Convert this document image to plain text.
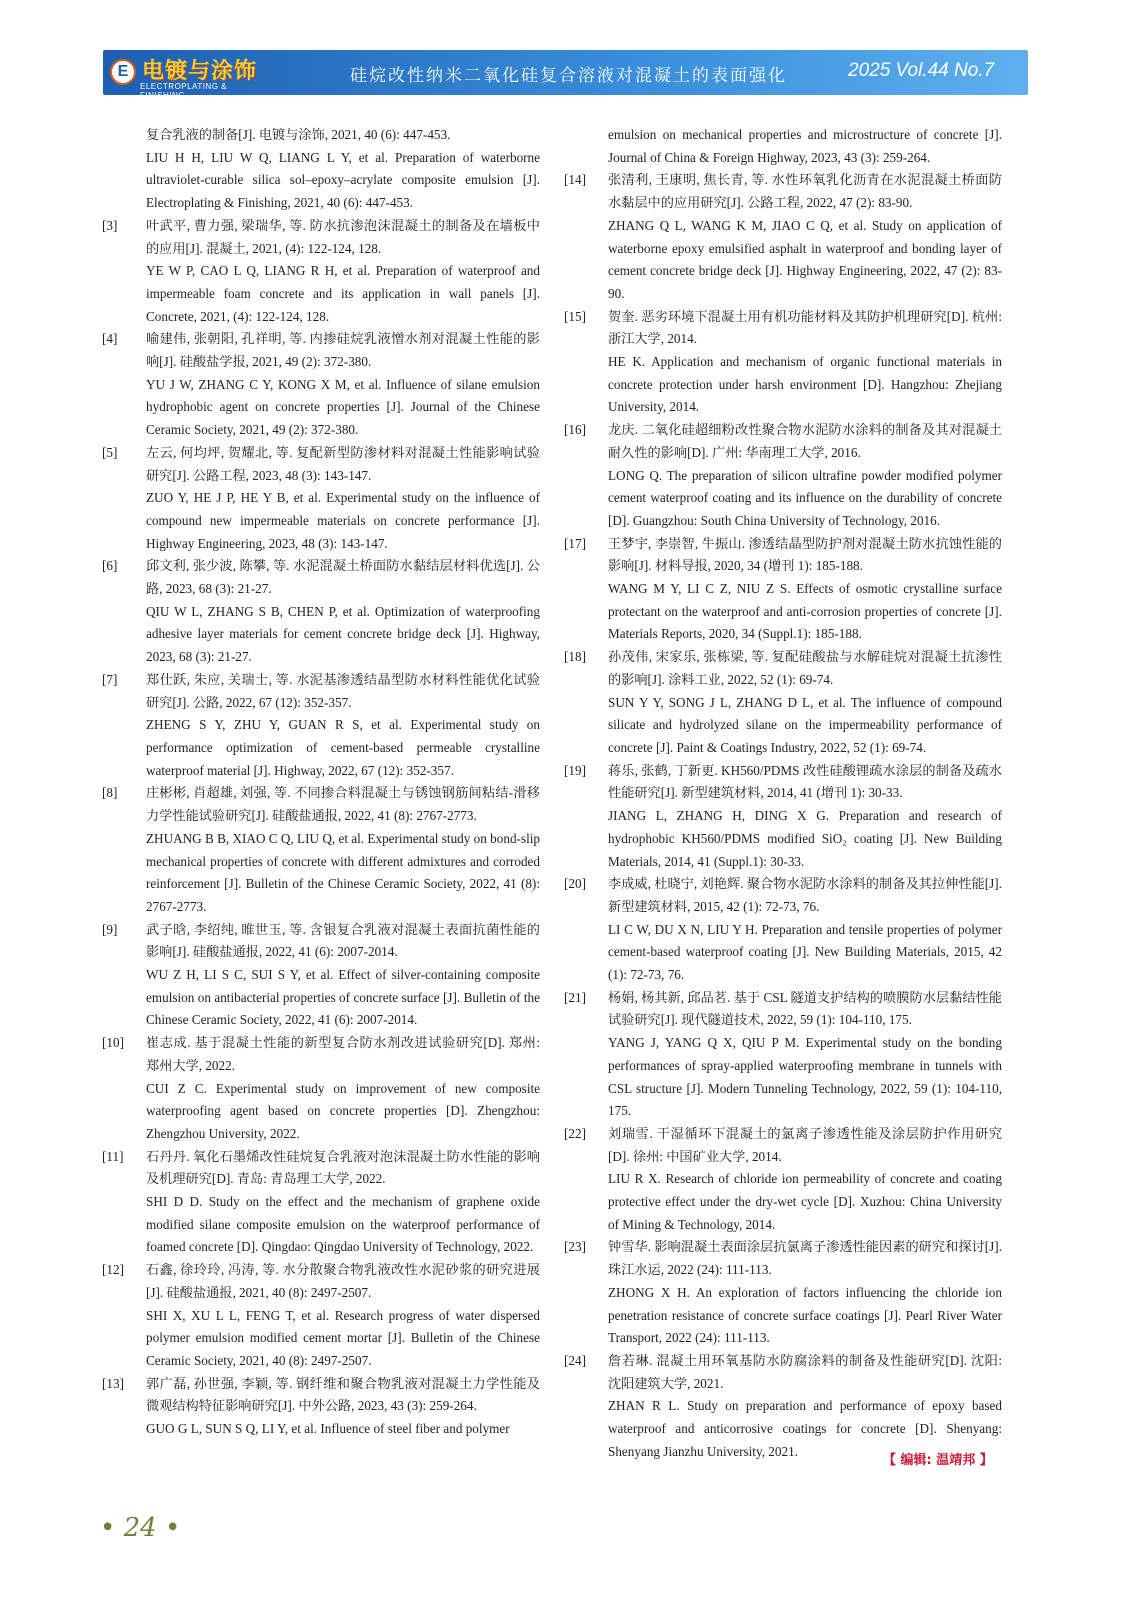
E 电镀与涂饰
ELECTROPLATING & FINISHING
硅烷改性纳米二氧化硅复合溶液对混凝土的表面强化	2025 Vol.44 No.7
复合乳液的制备[J]. 电镀与涂饰, 2021, 40 (6): 447-453.
LIU H H, LIU W Q, LIANG L Y, et al. Preparation of waterborne ultraviolet-curable silica sol–epoxy–acrylate composite emulsion [J]. Electroplating & Finishing, 2021, 40 (6): 447-453.
[3]	叶武平, 曹力强, 梁瑞华, 等. 防水抗渗泡沫混凝土的制备及在墙板中的应用[J]. 混凝土, 2021, (4): 122-124, 128.
YE W P, CAO L Q, LIANG R H, et al. Preparation of waterproof and impermeable foam concrete and its application in wall panels [J]. Concrete, 2021, (4): 122-124, 128.
[4]	喻建伟, 张朝阳, 孔祥明, 等. 内掺硅烷乳液憎水剂对混凝土性能的影响[J]. 硅酸盐学报, 2021, 49 (2): 372-380.
YU J W, ZHANG C Y, KONG X M, et al. Influence of silane emulsion hydrophobic agent on concrete properties [J]. Journal of the Chinese Ceramic Society, 2021, 49 (2): 372-380.
[5]	左云, 何均坪, 贺耀北, 等. 复配新型防渗材料对混凝土性能影响试验研究[J]. 公路工程, 2023, 48 (3): 143-147.
ZUO Y, HE J P, HE Y B, et al. Experimental study on the influence of compound new impermeable materials on concrete performance [J]. Highway Engineering, 2023, 48 (3): 143-147.
[6]	邱文利, 张少波, 陈攀, 等. 水泥混凝土桥面防水黏结层材料优选[J]. 公路, 2023, 68 (3): 21-27.
QIU W L, ZHANG S B, CHEN P, et al. Optimization of waterproofing adhesive layer materials for cement concrete bridge deck [J]. Highway, 2023, 68 (3): 21-27.
[7]	郑仕跃, 朱应, 关瑞士, 等. 水泥基渗透结晶型防水材料性能优化试验研究[J]. 公路, 2022, 67 (12): 352-357.
ZHENG S Y, ZHU Y, GUAN R S, et al. Experimental study on performance optimization of cement-based permeable crystalline waterproof material [J]. Highway, 2022, 67 (12): 352-357.
[8]	庄彬彬, 肖超雄, 刘强, 等. 不同掺合料混凝土与锈蚀钢筋间粘结-滑移力学性能试验研究[J]. 硅酸盐通报, 2022, 41 (8): 2767-2773.
ZHUANG B B, XIAO C Q, LIU Q, et al. Experimental study on bond-slip mechanical properties of concrete with different admixtures and corroded reinforcement [J]. Bulletin of the Chinese Ceramic Society, 2022, 41 (8): 2767-2773.
[9]	武子晗, 李绍纯, 睢世玉, 等. 含银复合乳液对混凝土表面抗菌性能的影响[J]. 硅酸盐通报, 2022, 41 (6): 2007-2014.
WU Z H, LI S C, SUI S Y, et al. Effect of silver-containing composite emulsion on antibacterial properties of concrete surface [J]. Bulletin of the Chinese Ceramic Society, 2022, 41 (6): 2007-2014.
[10]	崔志成. 基于混凝土性能的新型复合防水剂改进试验研究[D]. 郑州: 郑州大学, 2022.
CUI Z C. Experimental study on improvement of new composite waterproofing agent based on concrete properties [D]. Zhengzhou: Zhengzhou University, 2022.
[11]	石丹丹. 氧化石墨烯改性硅烷复合乳液对泡沫混凝土防水性能的影响及机理研究[D]. 青岛: 青岛理工大学, 2022.
SHI D D. Study on the effect and the mechanism of graphene oxide modified silane composite emulsion on the waterproof performance of foamed concrete [D]. Qingdao: Qingdao University of Technology, 2022.
[12]	石鑫, 徐玲玲, 冯涛, 等. 水分散聚合物乳液改性水泥砂浆的研究进展[J]. 硅酸盐通报, 2021, 40 (8): 2497-2507.
SHI X, XU L L, FENG T, et al. Research progress of water dispersed polymer emulsion modified cement mortar [J]. Bulletin of the Chinese Ceramic Society, 2021, 40 (8): 2497-2507.
[13]	郭广磊, 孙世强, 李颖, 等. 钢纤维和聚合物乳液对混凝土力学性能及微观结构特征影响研究[J]. 中外公路, 2023, 43 (3): 259-264.
GUO G L, SUN S Q, LI Y, et al. Influence of steel fiber and polymer
emulsion on mechanical properties and microstructure of concrete [J]. Journal of China & Foreign Highway, 2023, 43 (3): 259-264.
[14]	张清利, 王康明, 焦长青, 等. 水性环氧乳化沥青在水泥混凝土桥面防水黏层中的应用研究[J]. 公路工程, 2022, 47 (2): 83-90.
ZHANG Q L, WANG K M, JIAO C Q, et al. Study on application of waterborne epoxy emulsified asphalt in waterproof and bonding layer of cement concrete bridge deck [J]. Highway Engineering, 2022, 47 (2): 83-90.
[15]	贺奎. 恶劣环境下混凝土用有机功能材料及其防护机理研究[D]. 杭州: 浙江大学, 2014.
HE K. Application and mechanism of organic functional materials in concrete protection under harsh environment [D]. Hangzhou: Zhejiang University, 2014.
[16]	龙庆. 二氧化硅超细粉改性聚合物水泥防水涂料的制备及其对混凝土耐久性的影响[D]. 广州: 华南理工大学, 2016.
LONG Q. The preparation of silicon ultrafine powder modified polymer cement waterproof coating and its influence on the durability of concrete [D]. Guangzhou: South China University of Technology, 2016.
[17]	王梦宇, 李崇智, 牛振山. 渗透结晶型防护剂对混凝土防水抗蚀性能的影响[J]. 材料导报, 2020, 34 (增刊 1): 185-188.
WANG M Y, LI C Z, NIU Z S. Effects of osmotic crystalline surface protectant on the waterproof and anti-corrosion properties of concrete [J]. Materials Reports, 2020, 34 (Suppl.1): 185-188.
[18]	孙茂伟, 宋家乐, 张栋梁, 等. 复配硅酸盐与水解硅烷对混凝土抗渗性的影响[J]. 涂料工业, 2022, 52 (1): 69-74.
SUN Y Y, SONG J L, ZHANG D L, et al. The influence of compound silicate and hydrolyzed silane on the impermeability performance of concrete [J]. Paint & Coatings Industry, 2022, 52 (1): 69-74.
[19]	蒋乐, 张鹤, 丁新更. KH560/PDMS 改性硅酸锂疏水涂层的制备及疏水性能研究[J]. 新型建筑材料, 2014, 41 (增刊 1): 30-33.
JIANG L, ZHANG H, DING X G. Preparation and research of hydrophobic KH560/PDMS modified SiO₂ coating [J]. New Building Materials, 2014, 41 (Suppl.1): 30-33.
[20]	李成威, 杜晓宁, 刘艳辉. 聚合物水泥防水涂料的制备及其拉伸性能[J]. 新型建筑材料, 2015, 42 (1): 72-73, 76.
LI C W, DU X N, LIU Y H. Preparation and tensile properties of polymer cement-based waterproof coating [J]. New Building Materials, 2015, 42 (1): 72-73, 76.
[21]	杨娟, 杨其新, 邱品茗. 基于 CSL 隧道支护结构的喷膜防水层黏结性能试验研究[J]. 现代隧道技术, 2022, 59 (1): 104-110, 175.
YANG J, YANG Q X, QIU P M. Experimental study on the bonding performances of spray-applied waterproofing membrane in tunnels with CSL structure [J]. Modern Tunneling Technology, 2022, 59 (1): 104-110, 175.
[22]	刘瑞雪. 干湿循环下混凝土的氯离子渗透性能及涂层防护作用研究[D]. 徐州: 中国矿业大学, 2014.
LIU R X. Research of chloride ion permeability of concrete and coating protective effect under the dry-wet cycle [D]. Xuzhou: China University of Mining & Technology, 2014.
[23]	钟雪华. 影响混凝土表面涂层抗氯离子渗透性能因素的研究和探讨[J]. 珠江水运, 2022 (24): 111-113.
ZHONG X H. An exploration of factors influencing the chloride ion penetration resistance of concrete surface coatings [J]. Pearl River Water Transport, 2022 (24): 111-113.
[24]	詹若琳. 混凝土用环氧基防水防腐涂料的制备及性能研究[D]. 沈阳: 沈阳建筑大学, 2021.
ZHAN R L. Study on preparation and performance of epoxy based waterproof and anticorrosive coatings for concrete [D]. Shenyang: Shenyang Jianzhu University, 2021.
【 编辑: 温靖邦 】
• 24 •
